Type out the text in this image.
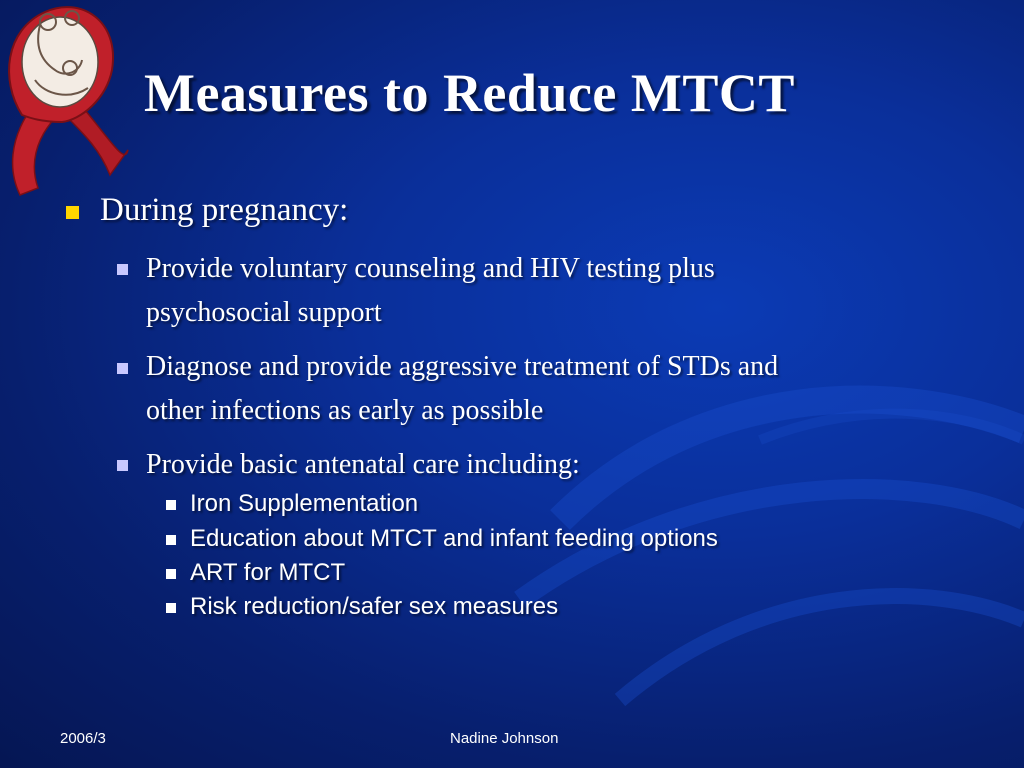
Measures to Reduce MTCT
During pregnancy:
Provide voluntary counseling and HIV testing plus
psychosocial support
Diagnose and provide aggressive treatment of STDs and
other infections as early as possible
Provide basic antenatal care including:
Iron Supplementation
Education about MTCT and infant feeding options
ART for MTCT
Risk reduction/safer sex measures
2006/3	Nadine Johnson
